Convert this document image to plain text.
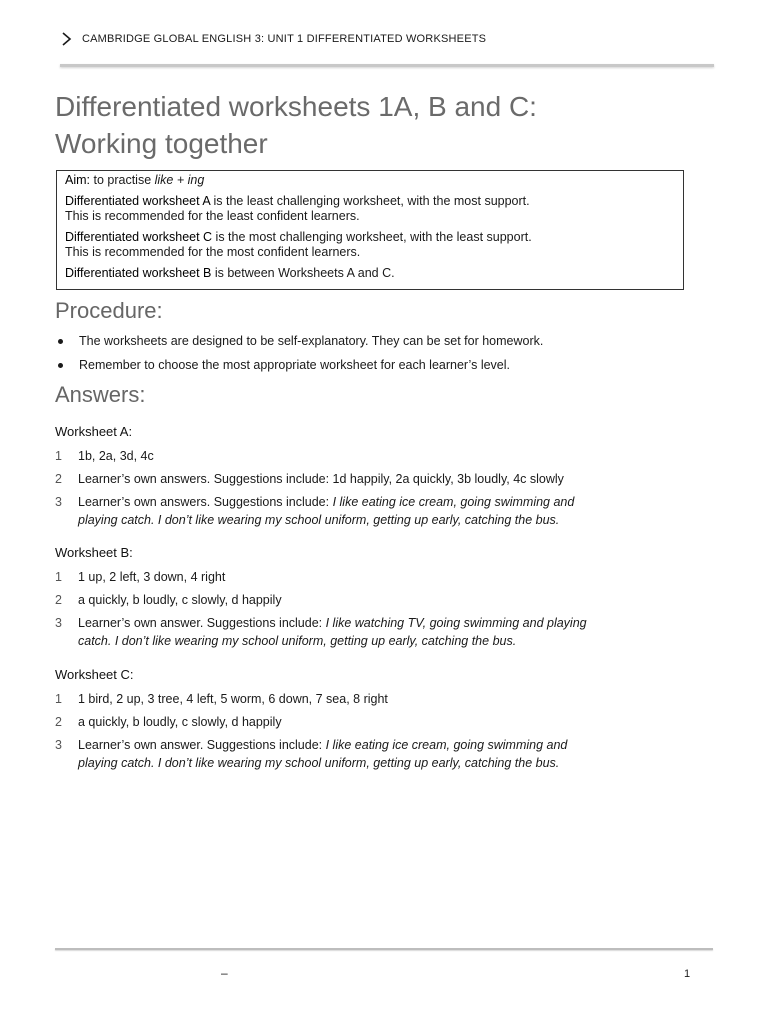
CAMBRIDGE GLOBAL ENGLISH 3: UNIT 1 DIFFERENTIATED WORKSHEETS
Differentiated worksheets 1A, B and C:
Working together

Aim: to practise like + ing

Differentiated worksheet A is the least challenging worksheet, with the most support.
This is recommended for the least confident learners.

Differentiated worksheet C is the most challenging worksheet, with the least support.
This is recommended for the most confident learners.

Differentiated worksheet B is between Worksheets A and C.

Procedure:
The worksheets are designed to be self-explanatory. They can be set for homework.
Remember to choose the most appropriate worksheet for each learner’s level.
Answers:

Worksheet A:

1 1b, 2a, 3d, 4c
2 Learner’s own answers. Suggestions include: 1d happily, 2a quickly, 3b loudly, 4c slowly
3 Learner’s own answers. Suggestions include: I like eating ice cream, going swimming and
playing catch. I don’t like wearing my school uniform, getting up early, catching the bus.

Worksheet B:

1 1 up, 2 left, 3 down, 4 right
2 a quickly, b loudly, c slowly, d happily
3 Learner’s own answer. Suggestions include: I like watching TV, going swimming and playing
catch. I don’t like wearing my school uniform, getting up early, catching the bus.

Worksheet C:

1 1 bird, 2 up, 3 tree, 4 left, 5 worm, 6 down, 7 sea, 8 right
2 a quickly, b loudly, c slowly, d happily
3 Learner’s own answer. Suggestions include: I like eating ice cream, going swimming and
playing catch. I don’t like wearing my school uniform, getting up early, catching the bus.
–	1
